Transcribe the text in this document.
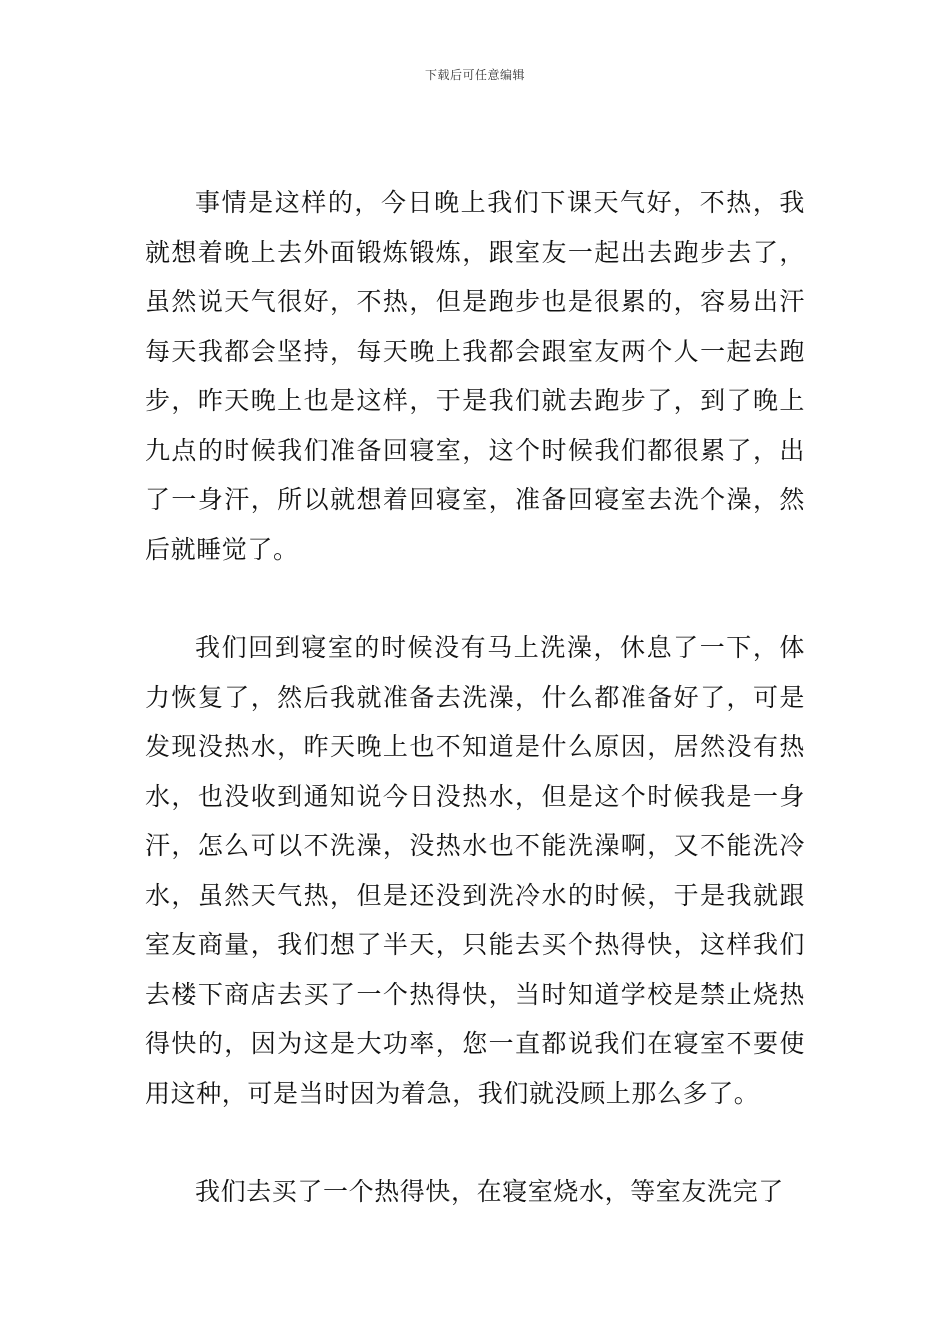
下载后可任意编辑

事情是这样的，今日晚上我们下课天气好，不热，我就想着晚上去外面锻炼锻炼，跟室友一起出去跑步去了，虽然说天气很好，不热，但是跑步也是很累的，容易出汗每天我都会坚持，每天晚上我都会跟室友两个人一起去跑步，昨天晚上也是这样，于是我们就去跑步了，到了晚上九点的时候我们准备回寝室，这个时候我们都很累了，出了一身汗，所以就想着回寝室，准备回寝室去洗个澡，然后就睡觉了。

我们回到寝室的时候没有马上洗澡，休息了一下，体力恢复了，然后我就准备去洗澡，什么都准备好了，可是发现没热水，昨天晚上也不知道是什么原因，居然没有热水，也没收到通知说今日没热水，但是这个时候我是一身汗，怎么可以不洗澡，没热水也不能洗澡啊，又不能洗冷水，虽然天气热，但是还没到洗冷水的时候，于是我就跟室友商量，我们想了半天，只能去买个热得快，这样我们去楼下商店去买了一个热得快，当时知道学校是禁止烧热得快的，因为这是大功率，您一直都说我们在寝室不要使用这种，可是当时因为着急，我们就没顾上那么多了。

我们去买了一个热得快，在寝室烧水，等室友洗完了
